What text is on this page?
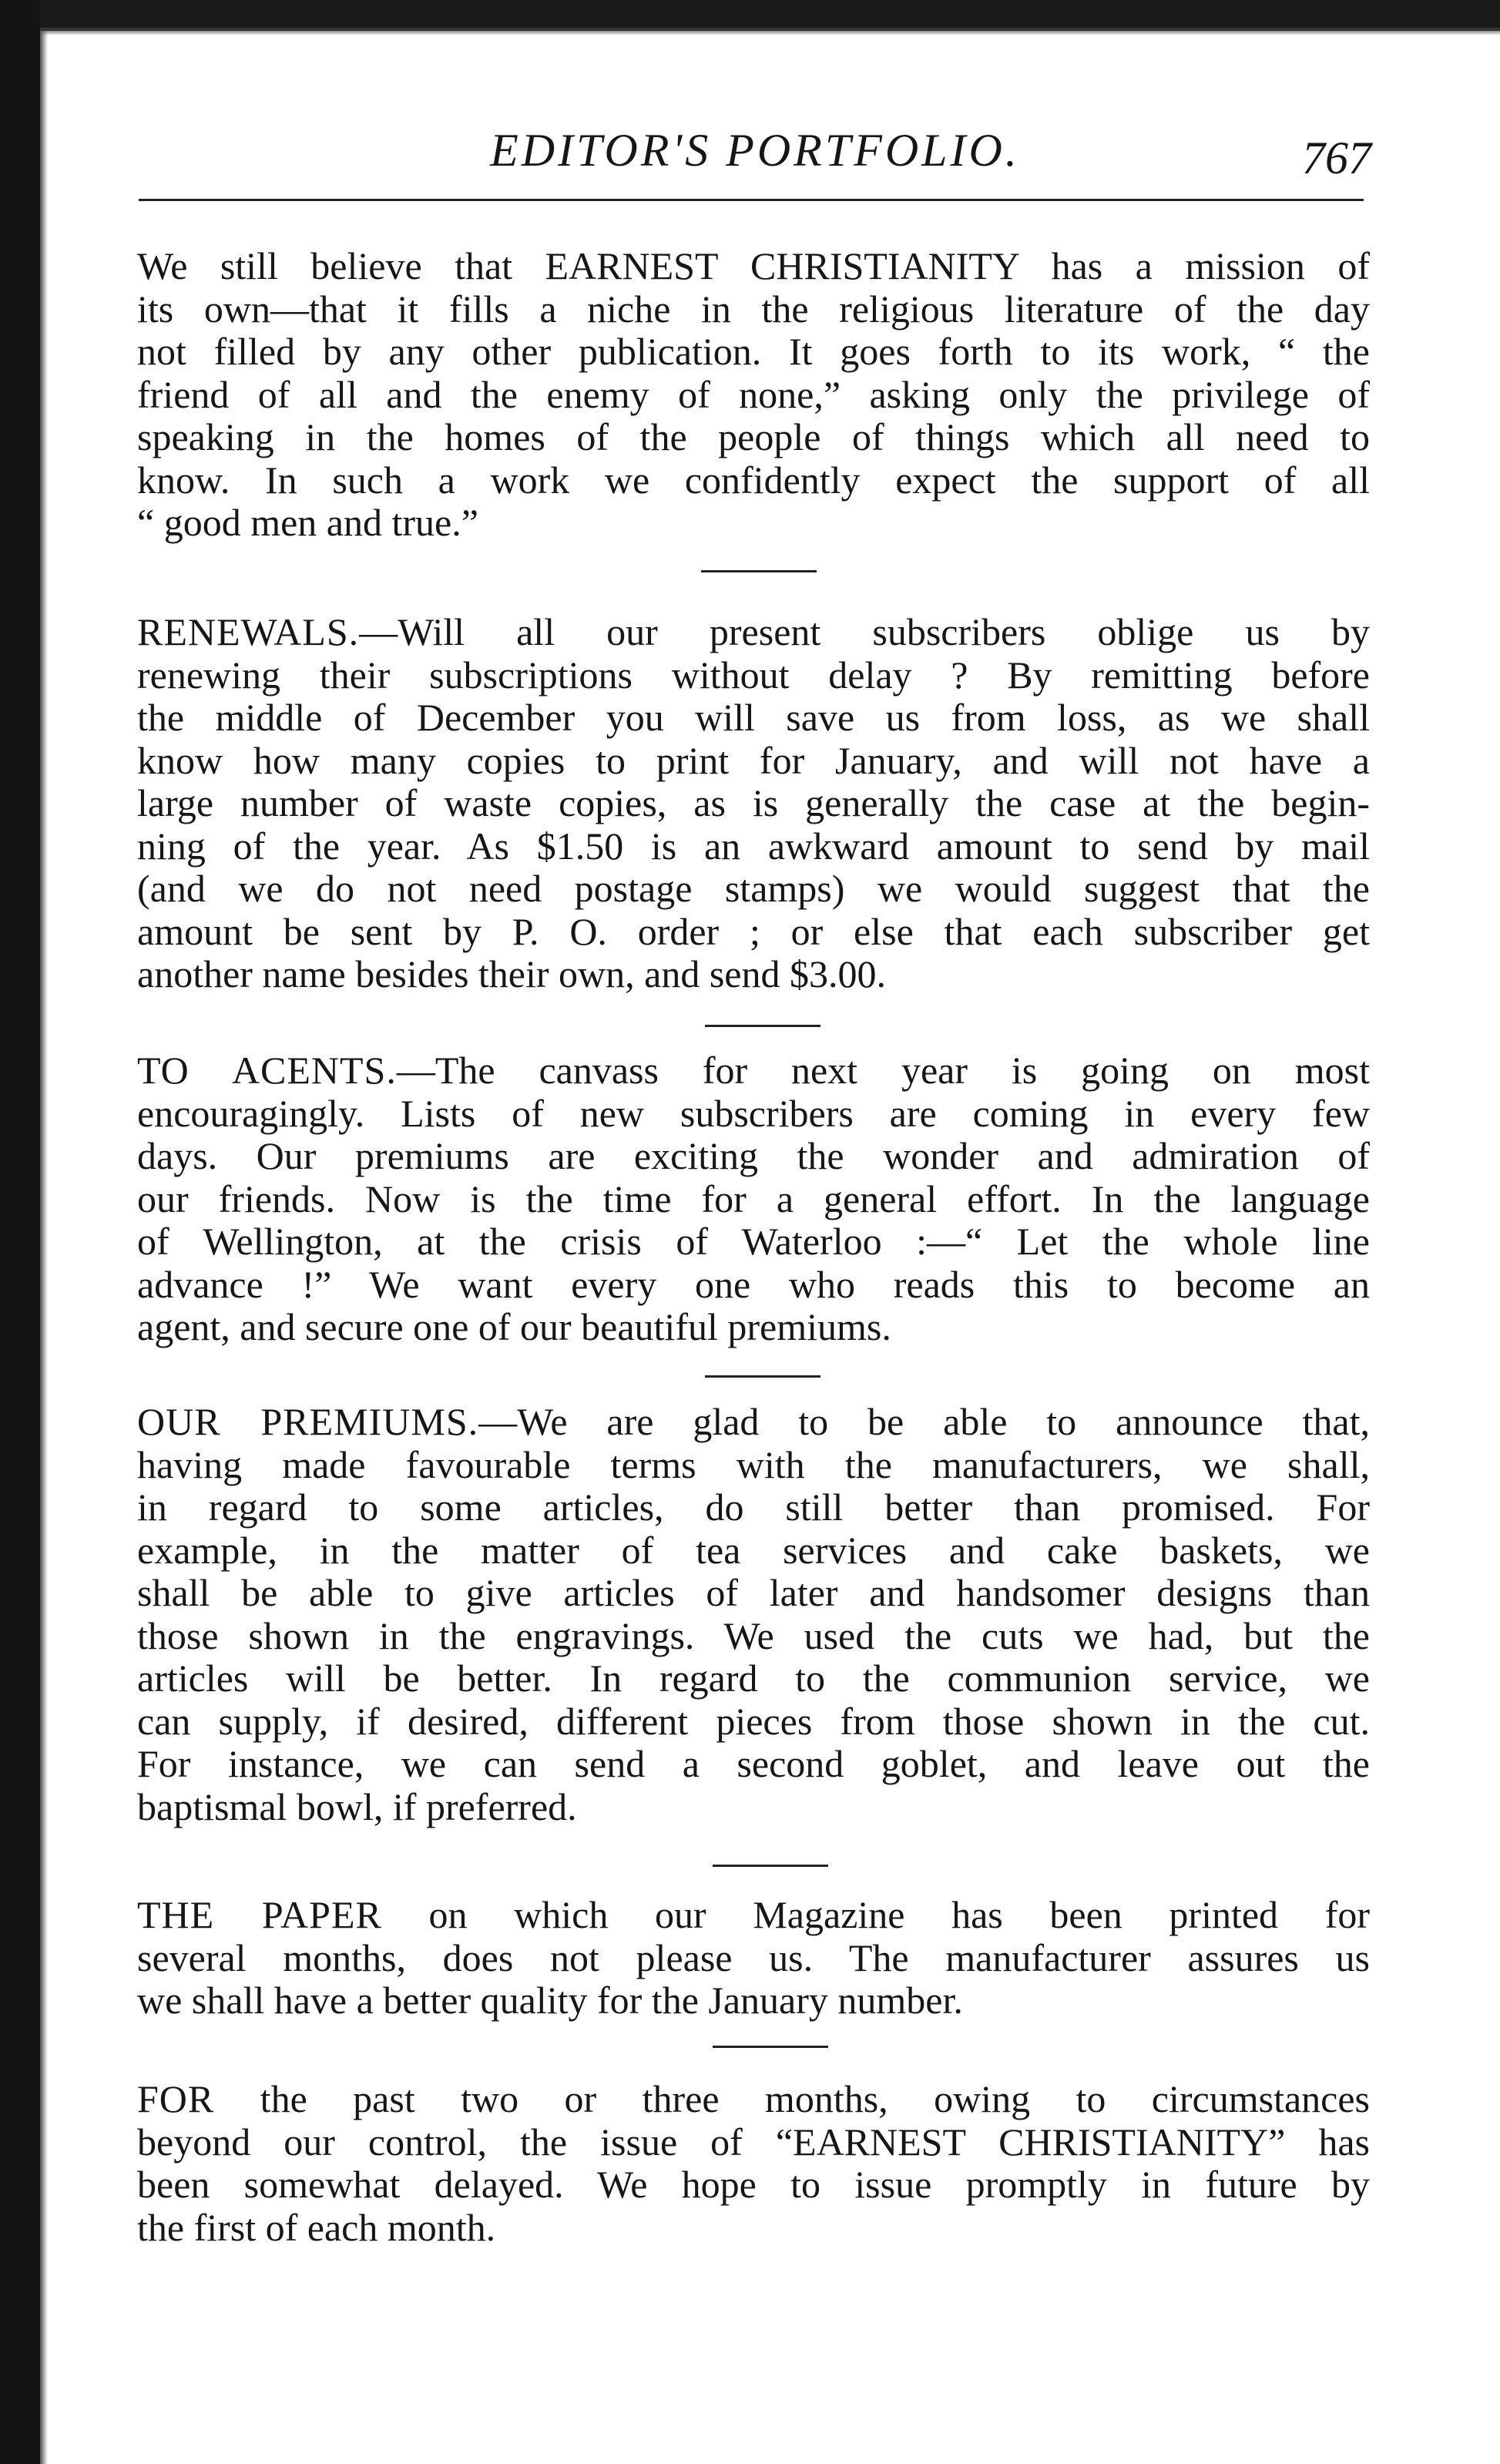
EDITOR'S PORTFOLIO.	767
We still believe that EARNEST CHRISTIANITY has a mission of
its own—that it fills a niche in the religious literature of the day
not filled by any other publication. It goes forth to its work, “ the
friend of all and the enemy of none,” asking only the privilege of
speaking in the homes of the people of things which all need to
know. In such a work we confidently expect the support of all
“ good men and true.”
RENEWALS.—Will all our present subscribers oblige us by
renewing their subscriptions without delay ? By remitting before
the middle of December you will save us from loss, as we shall
know how many copies to print for January, and will not have a
large number of waste copies, as is generally the case at the begin-
ning of the year. As $1.50 is an awkward amount to send by mail
(and we do not need postage stamps) we would suggest that the
amount be sent by P. O. order ; or else that each subscriber get
another name besides their own, and send $3.00.
TO ACENTS.—The canvass for next year is going on most
encouragingly. Lists of new subscribers are coming in every few
days. Our premiums are exciting the wonder and admiration of
our friends. Now is the time for a general effort. In the language
of Wellington, at the crisis of Waterloo :—“ Let the whole line
advance !” We want every one who reads this to become an
agent, and secure one of our beautiful premiums.
OUR PREMIUMS.—We are glad to be able to announce that,
having made favourable terms with the manufacturers, we shall,
in regard to some articles, do still better than promised. For
example, in the matter of tea services and cake baskets, we
shall be able to give articles of later and handsomer designs than
those shown in the engravings. We used the cuts we had, but the
articles will be better. In regard to the communion service, we
can supply, if desired, different pieces from those shown in the cut.
For instance, we can send a second goblet, and leave out the
baptismal bowl, if preferred.
THE PAPER on which our Magazine has been printed for
several months, does not please us. The manufacturer assures us
we shall have a better quality for the January number.
FOR the past two or three months, owing to circumstances
beyond our control, the issue of “EARNEST CHRISTIANITY” has
been somewhat delayed. We hope to issue promptly in future by
the first of each month.
